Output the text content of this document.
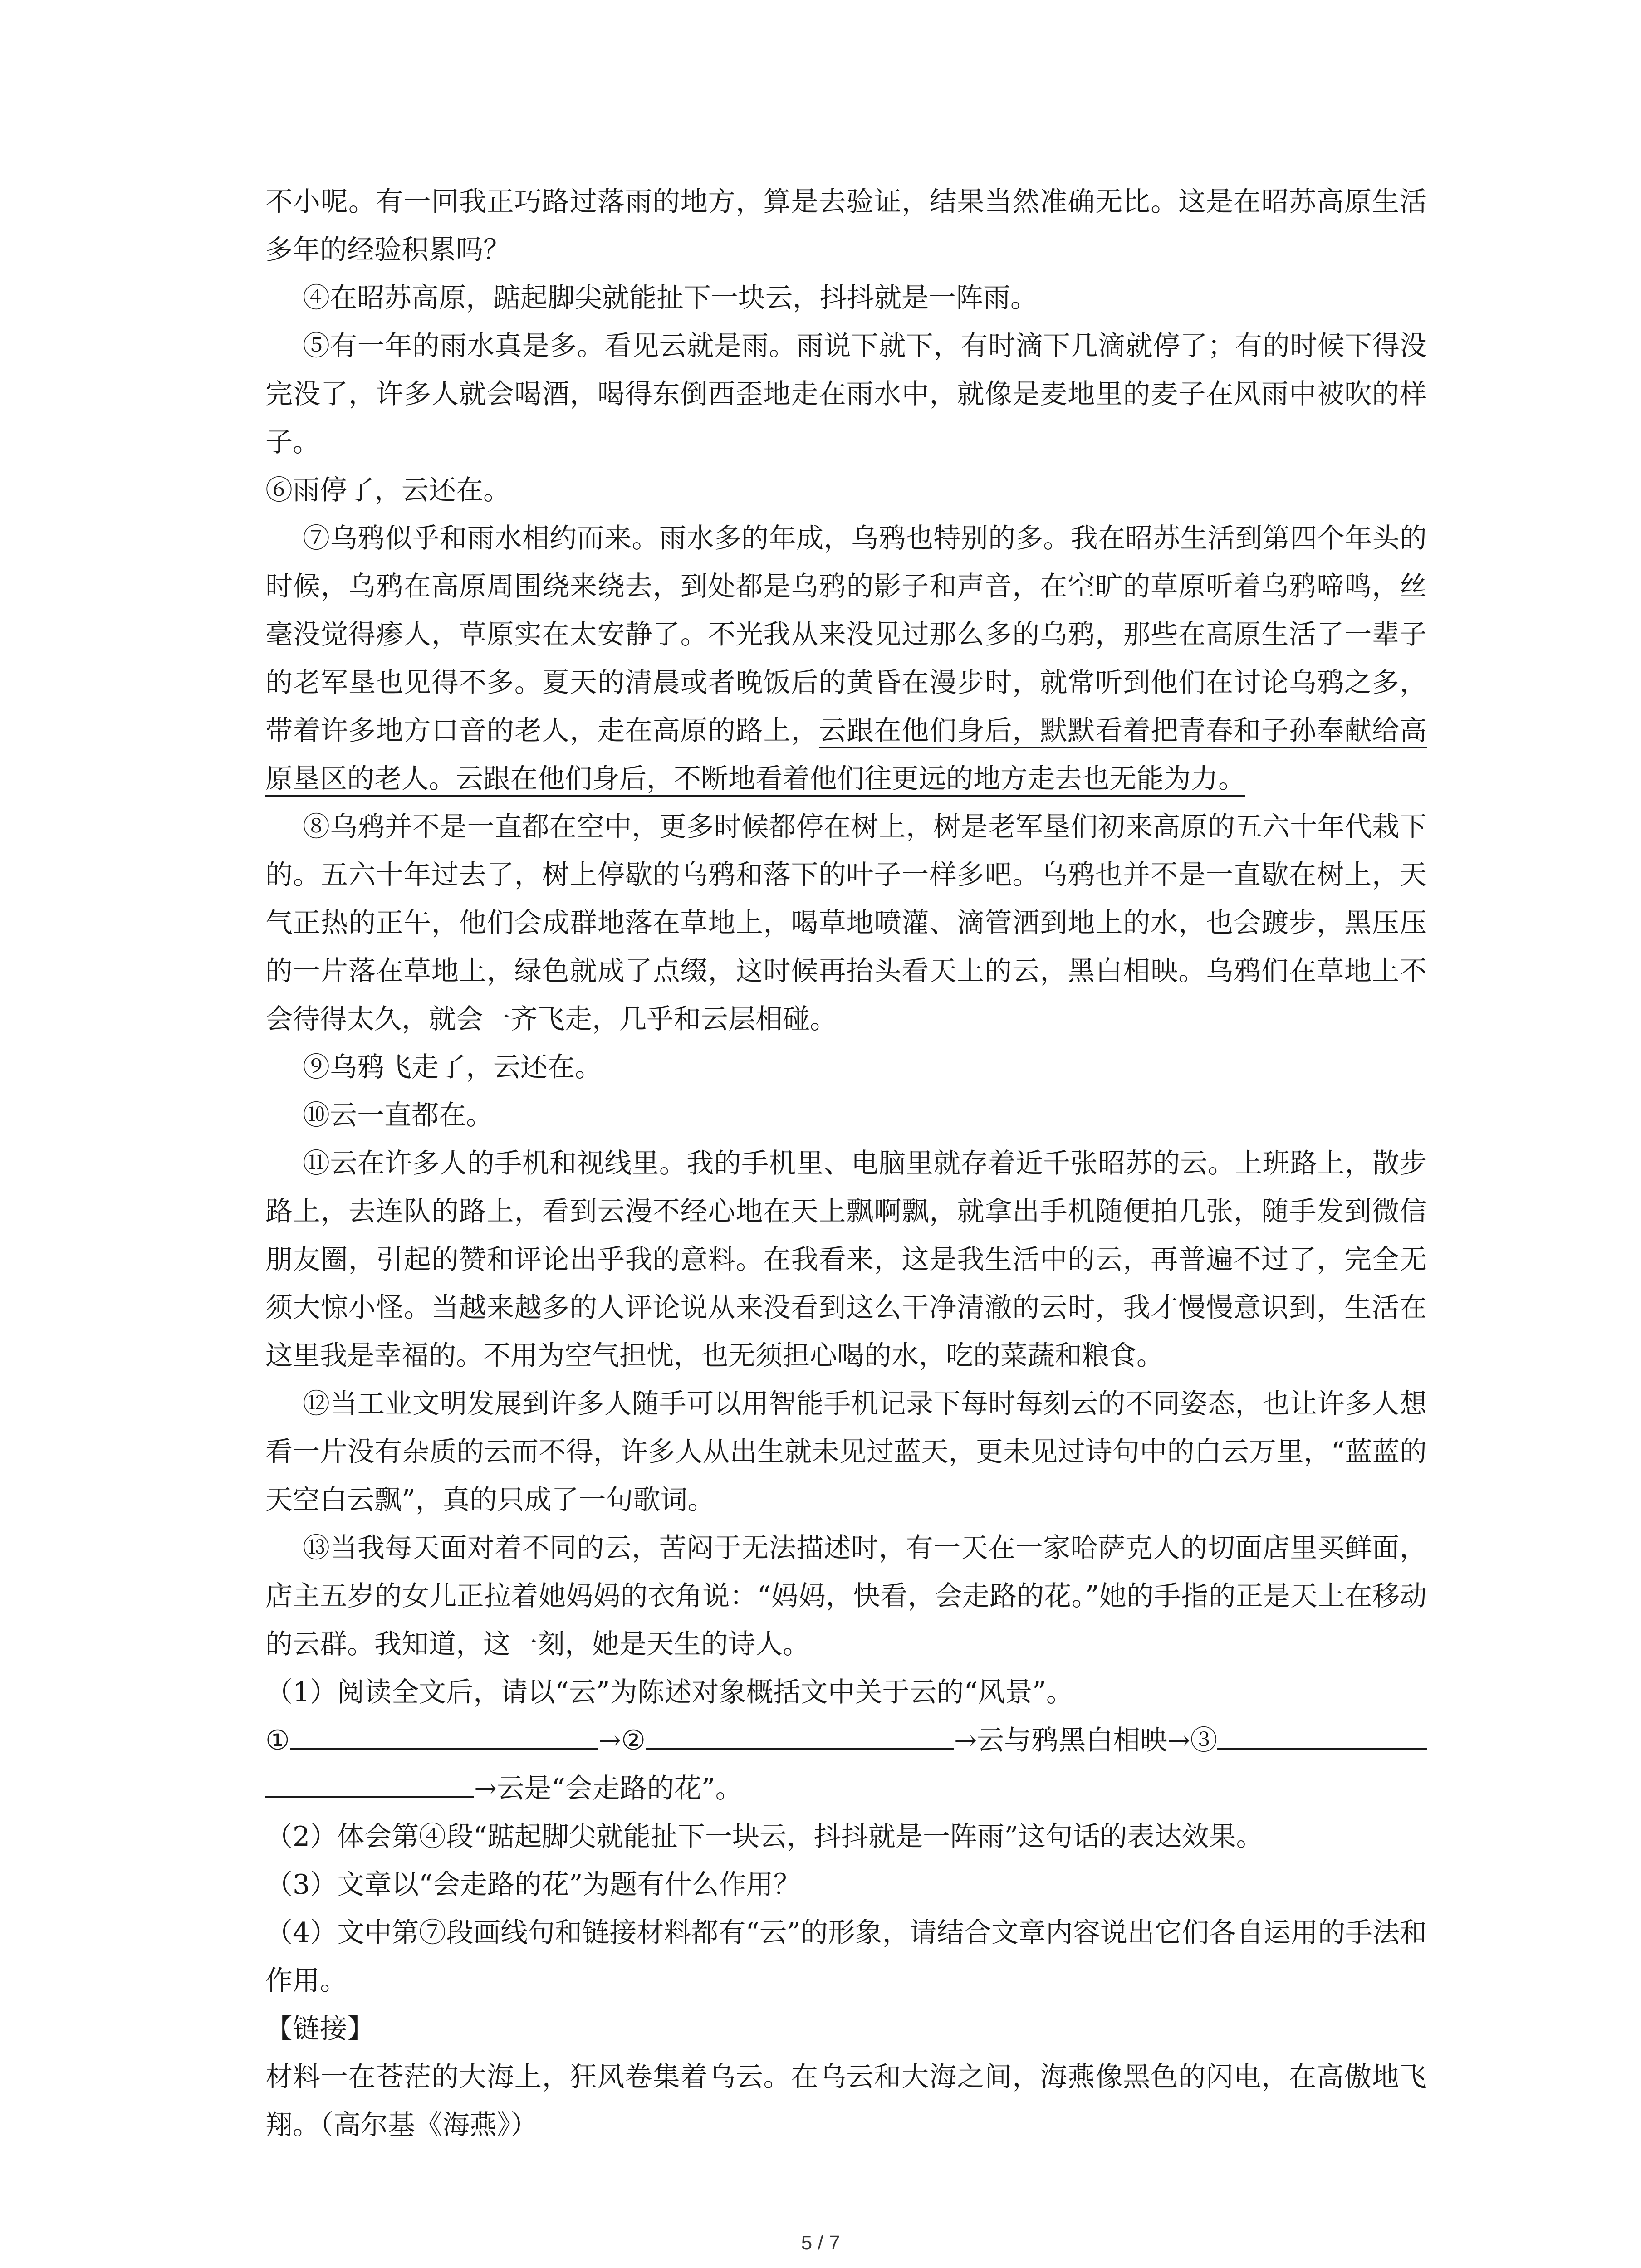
不小呢。有一回我正巧路过落雨的地方，算是去验证，结果当然准确无比。这是在昭苏高原生活多年的经验积累吗？

④在昭苏高原，踮起脚尖就能扯下一块云，抖抖就是一阵雨。

⑤有一年的雨水真是多。看见云就是雨。雨说下就下，有时滴下几滴就停了；有的时候下得没完没了，许多人就会喝酒，喝得东倒西歪地走在雨水中，就像是麦地里的麦子在风雨中被吹的样子。

⑥雨停了，云还在。

⑦乌鸦似乎和雨水相约而来。雨水多的年成，乌鸦也特别的多。我在昭苏生活到第四个年头的时候，乌鸦在高原周围绕来绕去，到处都是乌鸦的影子和声音，在空旷的草原听着乌鸦啼鸣，丝毫没觉得瘆人，草原实在太安静了。不光我从来没见过那么多的乌鸦，那些在高原生活了一辈子的老军垦也见得不多。夏天的清晨或者晚饭后的黄昏在漫步时，就常听到他们在讨论乌鸦之多，带着许多地方口音的老人，走在高原的路上，云跟在他们身后，默默看着把青春和子孙奉献给高原垦区的老人。云跟在他们身后，不断地看着他们往更远的地方走去也无能为力。

⑧乌鸦并不是一直都在空中，更多时候都停在树上，树是老军垦们初来高原的五六十年代栽下的。五六十年过去了，树上停歇的乌鸦和落下的叶子一样多吧。乌鸦也并不是一直歇在树上，天气正热的正午，他们会成群地落在草地上，喝草地喷灌、滴管洒到地上的水，也会踱步，黑压压的一片落在草地上，绿色就成了点缀，这时候再抬头看天上的云，黑白相映。乌鸦们在草地上不会待得太久，就会一齐飞走，几乎和云层相碰。

⑨乌鸦飞走了，云还在。

⑩云一直都在。

⑪云在许多人的手机和视线里。我的手机里、电脑里就存着近千张昭苏的云。上班路上，散步路上，去连队的路上，看到云漫不经心地在天上飘啊飘，就拿出手机随便拍几张，随手发到微信朋友圈，引起的赞和评论出乎我的意料。在我看来，这是我生活中的云，再普遍不过了，完全无须大惊小怪。当越来越多的人评论说从来没看到这么干净清澈的云时，我才慢慢意识到，生活在这里我是幸福的。不用为空气担忧，也无须担心喝的水，吃的菜蔬和粮食。

⑫当工业文明发展到许多人随手可以用智能手机记录下每时每刻云的不同姿态，也让许多人想看一片没有杂质的云而不得，许多人从出生就未见过蓝天，更未见过诗句中的白云万里，“蓝蓝的天空白云飘”，真的只成了一句歌词。

⑬当我每天面对着不同的云，苦闷于无法描述时，有一天在一家哈萨克人的切面店里买鲜面，店主五岁的女儿正拉着她妈妈的衣角说：“妈妈，快看，会走路的花。”她的手指的正是天上在移动的云群。我知道，这一刻，她是天生的诗人。

（1）阅读全文后，请以“云”为陈述对象概括文中关于云的“风景”。

①	→②	→云与鸦黑白相映→③
→云是“会走路的花”。

（2）体会第④段“踮起脚尖就能扯下一块云，抖抖就是一阵雨”这句话的表达效果。

（3）文章以“会走路的花”为题有什么作用？

（4）文中第⑦段画线句和链接材料都有“云”的形象，请结合文章内容说出它们各自运用的手法和作用。

【链接】

材料一在苍茫的大海上，狂风卷集着乌云。在乌云和大海之间，海燕像黑色的闪电，在高傲地飞翔。（高尔基《海燕》）

5 / 7
